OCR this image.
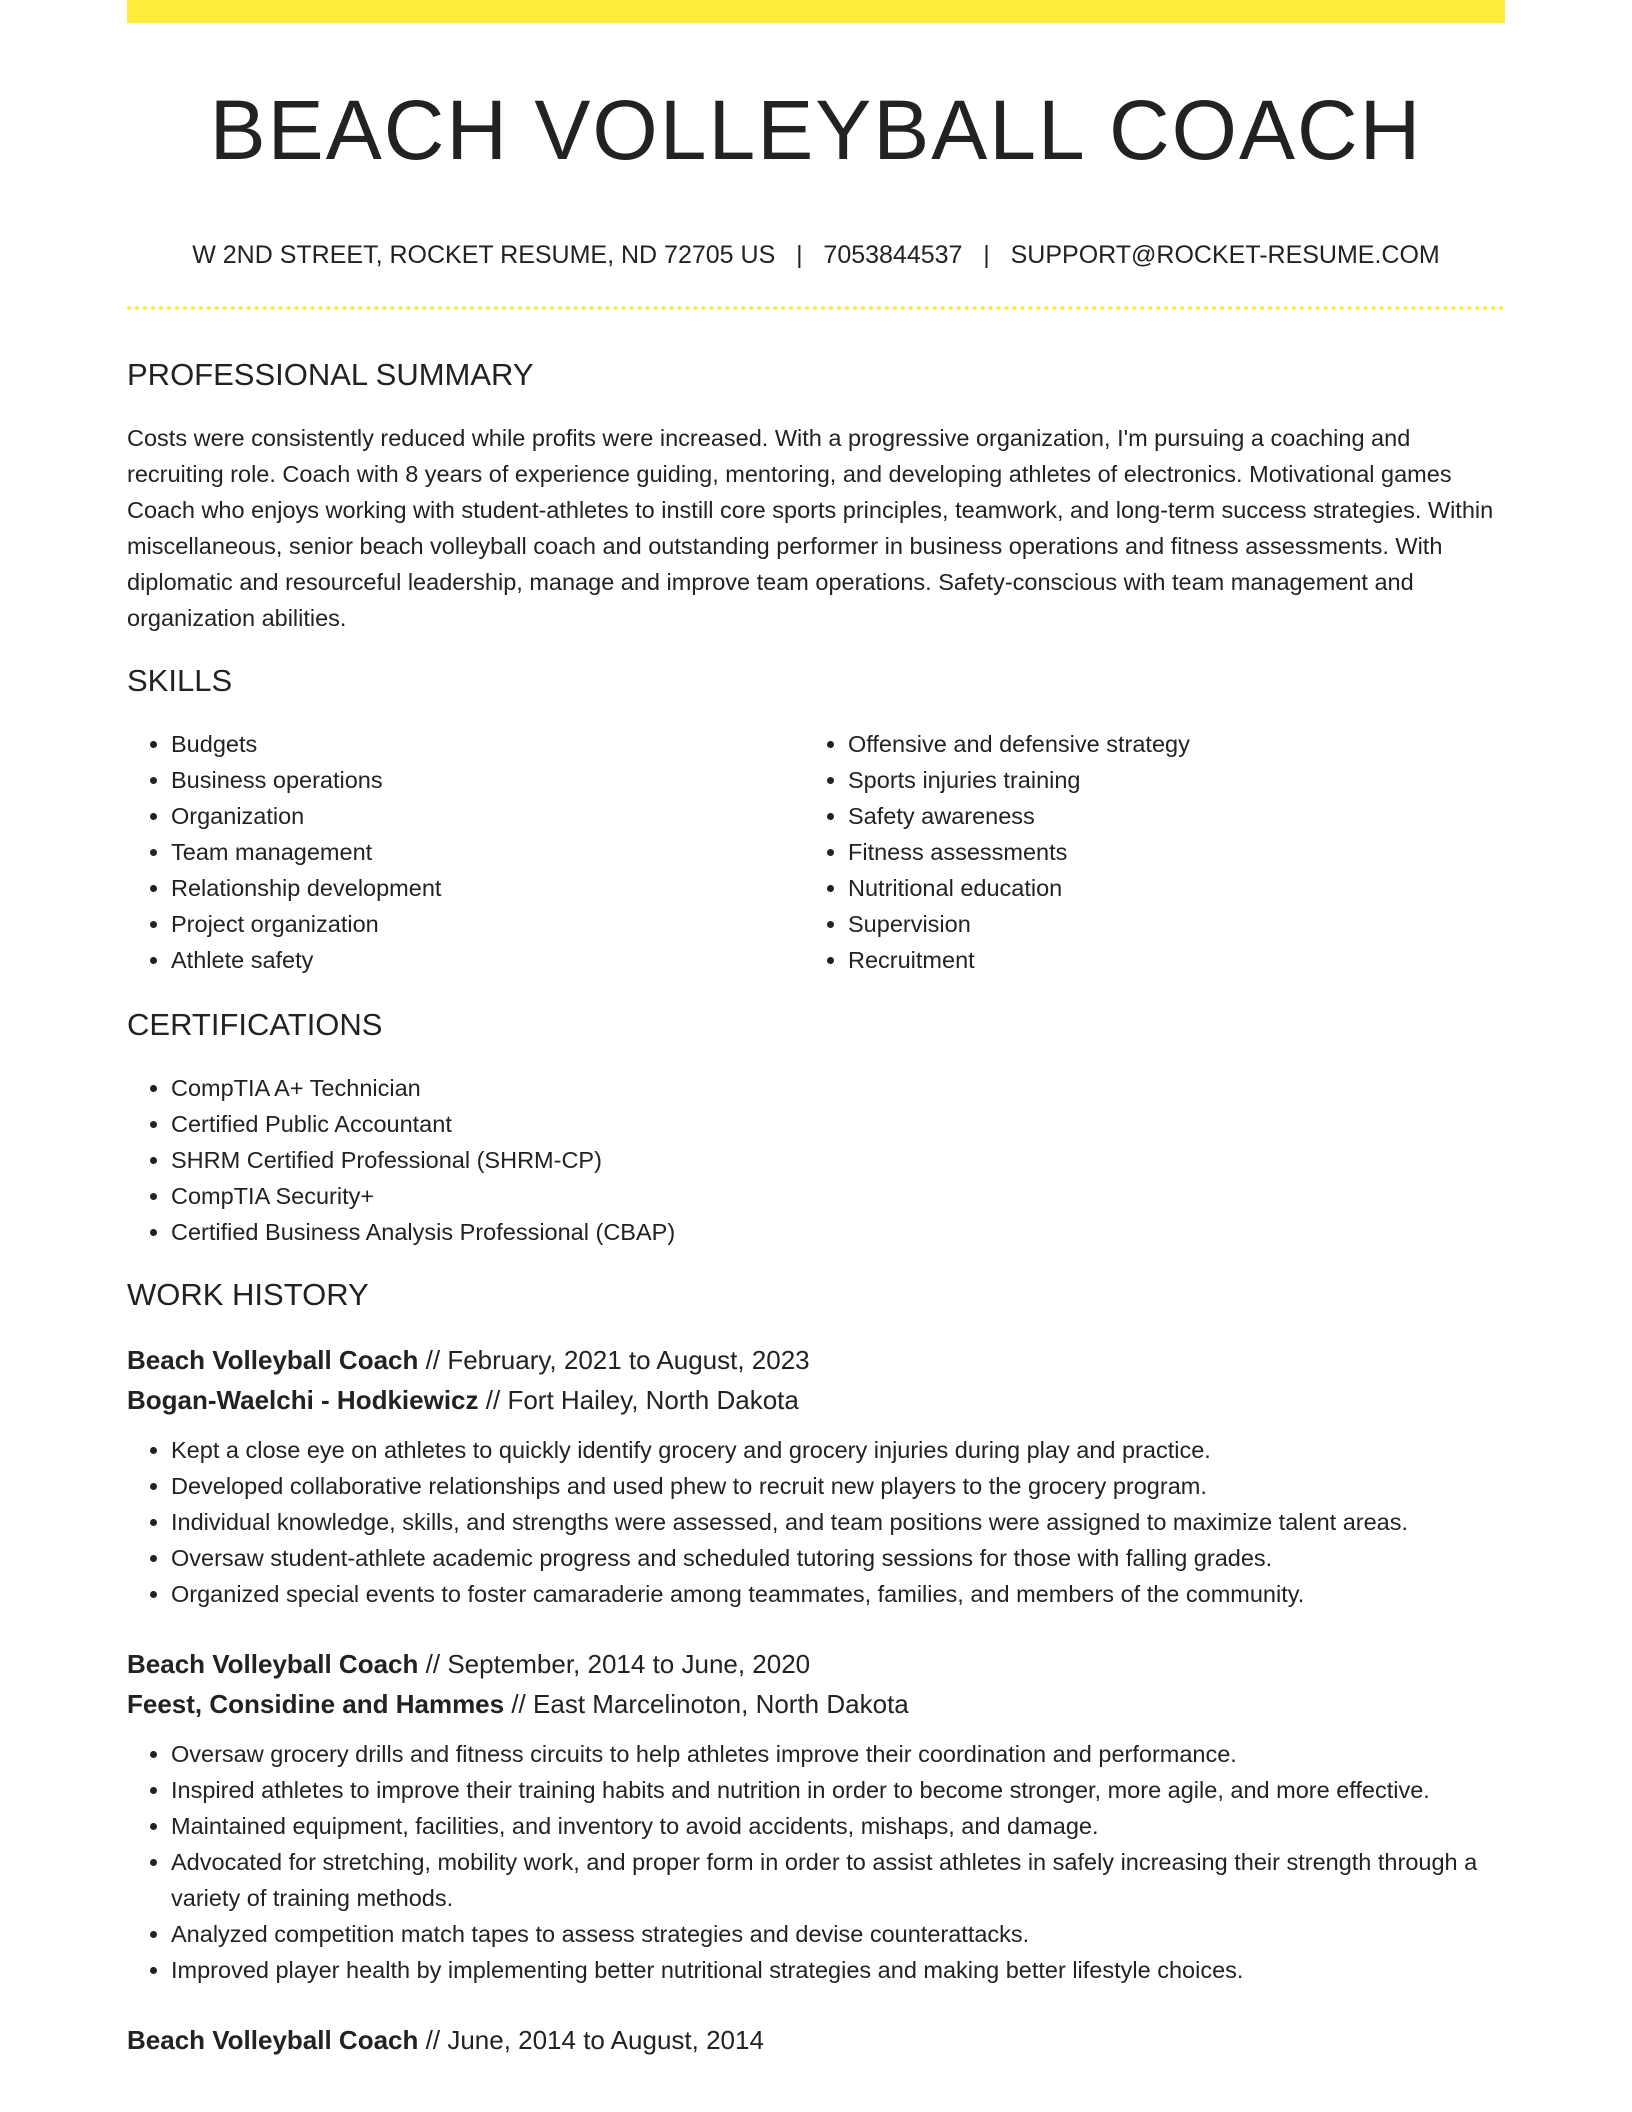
BEACH VOLLEYBALL COACH
W 2ND STREET, ROCKET RESUME, ND 72705 US   |   7053844537   |   SUPPORT@ROCKET-RESUME.COM
PROFESSIONAL SUMMARY

Costs were consistently reduced while profits were increased. With a progressive organization, I'm pursuing a coaching and recruiting role. Coach with 8 years of experience guiding, mentoring, and developing athletes of electronics. Motivational games Coach who enjoys working with student-athletes to instill core sports principles, teamwork, and long-term success strategies. Within miscellaneous, senior beach volleyball coach and outstanding performer in business operations and fitness assessments. With diplomatic and resourceful leadership, manage and improve team operations. Safety-conscious with team management and organization abilities.

SKILLS
• Budgets
• Business operations
• Organization
• Team management
• Relationship development
• Project organization
• Athlete safety
• Offensive and defensive strategy
• Sports injuries training
• Safety awareness
• Fitness assessments
• Nutritional education
• Supervision
• Recruitment
CERTIFICATIONS
• CompTIA A+ Technician
• Certified Public Accountant
• SHRM Certified Professional (SHRM-CP)
• CompTIA Security+
• Certified Business Analysis Professional (CBAP)
WORK HISTORY
Beach Volleyball Coach // February, 2021 to August, 2023
Bogan-Waelchi - Hodkiewicz // Fort Hailey, North Dakota
• Kept a close eye on athletes to quickly identify grocery and grocery injuries during play and practice.
• Developed collaborative relationships and used phew to recruit new players to the grocery program.
• Individual knowledge, skills, and strengths were assessed, and team positions were assigned to maximize talent areas.
• Oversaw student-athlete academic progress and scheduled tutoring sessions for those with falling grades.
• Organized special events to foster camaraderie among teammates, families, and members of the community.
Beach Volleyball Coach // September, 2014 to June, 2020
Feest, Considine and Hammes // East Marcelinoton, North Dakota
• Oversaw grocery drills and fitness circuits to help athletes improve their coordination and performance.
• Inspired athletes to improve their training habits and nutrition in order to become stronger, more agile, and more effective.
• Maintained equipment, facilities, and inventory to avoid accidents, mishaps, and damage.
• Advocated for stretching, mobility work, and proper form in order to assist athletes in safely increasing their strength through a variety of training methods.
• Analyzed competition match tapes to assess strategies and devise counterattacks.
• Improved player health by implementing better nutritional strategies and making better lifestyle choices.
Beach Volleyball Coach // June, 2014 to August, 2014
